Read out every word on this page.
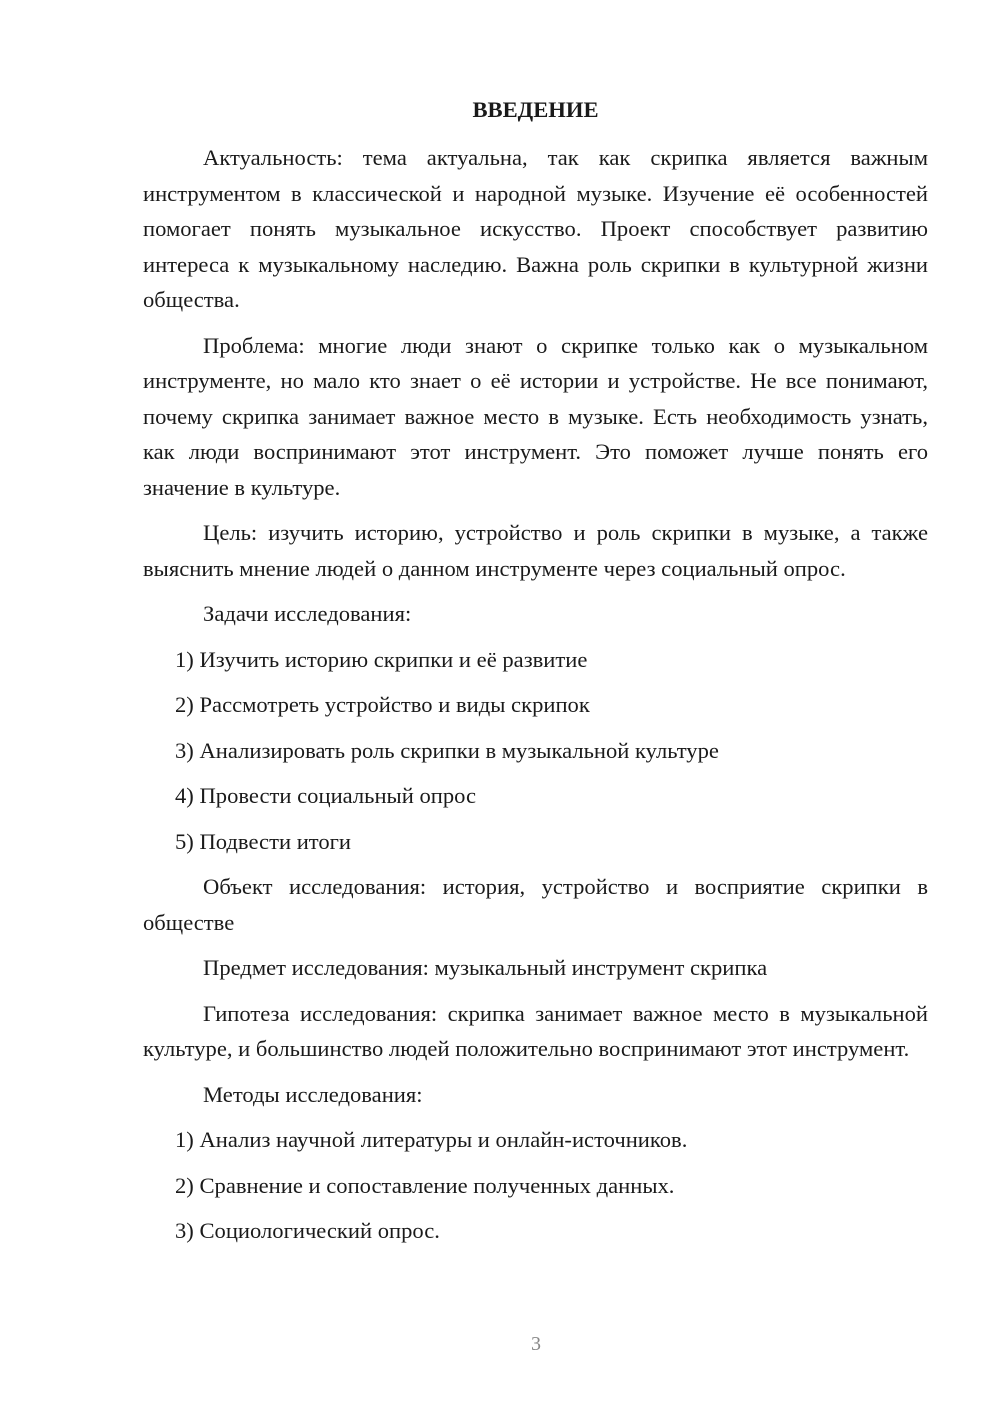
ВВЕДЕНИЕ

Актуальность: тема актуальна, так как скрипка является важным инструментом в классической и народной музыке. Изучение её особенностей помогает понять музыкальное искусство. Проект способствует развитию интереса к музыкальному наследию. Важна роль скрипки в культурной жизни общества.

Проблема: многие люди знают о скрипке только как о музыкальном инструменте, но мало кто знает о её истории и устройстве. Не все понимают, почему скрипка занимает важное место в музыке. Есть необходимость узнать, как люди воспринимают этот инструмент. Это поможет лучше понять его значение в культуре.

Цель: изучить историю, устройство и роль скрипки в музыке, а также выяснить мнение людей о данном инструменте через социальный опрос.

Задачи исследования:

1) Изучить историю скрипки и её развитие
2) Рассмотреть устройство и виды скрипок
3) Анализировать роль скрипки в музыкальной культуре
4) Провести социальный опрос
5) Подвести итоги

Объект исследования: история, устройство и восприятие скрипки в обществе

Предмет исследования: музыкальный инструмент скрипка

Гипотеза исследования: скрипка занимает важное место в музыкальной культуре, и большинство людей положительно воспринимают этот инструмент.

Методы исследования:

1) Анализ научной литературы и онлайн-источников.
2) Сравнение и сопоставление полученных данных.
3) Социологический опрос.
3
